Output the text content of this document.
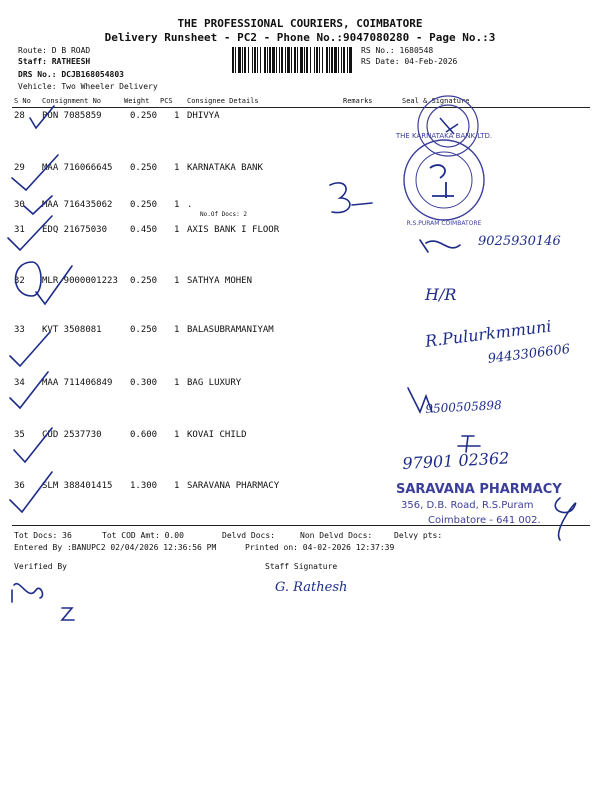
THE PROFESSIONAL COURIERS, COIMBATORE
Delivery Runsheet - PC2 - Phone No.:9047080280 - Page No.:3
Route: D B ROAD
Staff: RATHEESH
DRS No.: DCJB168054803
Vehicle: Two Wheeler Delivery
RS No.: 1680548
RS Date: 04-Feb-2026
S No Consignment No	Weight PCS Consignee Details	Remarks	Seal & Signature
28 PON 7085859	0.250 1 DHIVYA
29 MAA 716066645 0.250 1 KARNATAKA BANK
30 MAA 716435062 0.250 1 .
No.Of Docs: 2
31 EDQ 21675030	0.450 1 AXIS BANK I FLOOR
32 MLR 9000001223 0.250 1 SATHYA MOHEN
33 KVT 3508081	0.250 1 BALASUBRAMANIYAM
34 MAA 711406849 0.300 1 BAG LUXURY
35 CUD 2537730	0.600 1 KOVAI CHILD
36 SLM 388401415 1.300 1 SARAVANA PHARMACY
Tot Docs: 36	Tot COD Amt: 0.00	Delvd Docs:	Non Delvd Docs:	Delvy pts:
Entered By :BANUPC2 02/04/2026 12:36:56 PM	Printed on: 04-02-2026 12:37:39
Verified By	Staff Signature
9025930146
H/R
R.Pulurkmmuni
9443306606
9500505898
97901 02362
G. Rathesh
SARAVANA PHARMACY
356, D.B. Road, R.S.Puram
Coimbatore - 641 002.
THE KARNATAKA BANK LTD.
R.S.PURAM COIMBATORE
